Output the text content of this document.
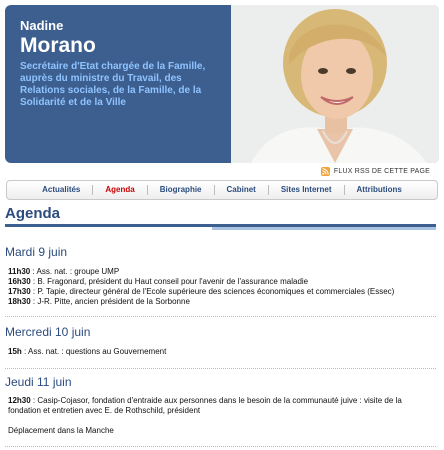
Nadine
Morano
Secrétaire d'Etat chargée de la Famille, auprès du ministre du Travail, des Relations sociales, de la Famille, de la Solidarité et de la Ville
FLUX RSS DE CETTE PAGE
Actualités	Agenda	Biographie	Cabinet	Sites Internet	Attributions
Agenda
Mardi 9 juin
11h30 : Ass. nat. : groupe UMP
16h30 : B. Fragonard, président du Haut conseil pour l'avenir de l'assurance maladie
17h30 : P. Tapie, directeur général de l'Ecole supérieure des sciences économiques et commerciales (Essec)
18h30 : J-R. Pitte, ancien président de la Sorbonne
Mercredi 10 juin
15h : Ass. nat. : questions au Gouvernement
Jeudi 11 juin
12h30 : Casip-Cojasor, fondation d'entraide aux personnes dans le besoin de la communauté juive : visite de la fondation et entretien avec E. de Rothschild, président
Déplacement dans la Manche
